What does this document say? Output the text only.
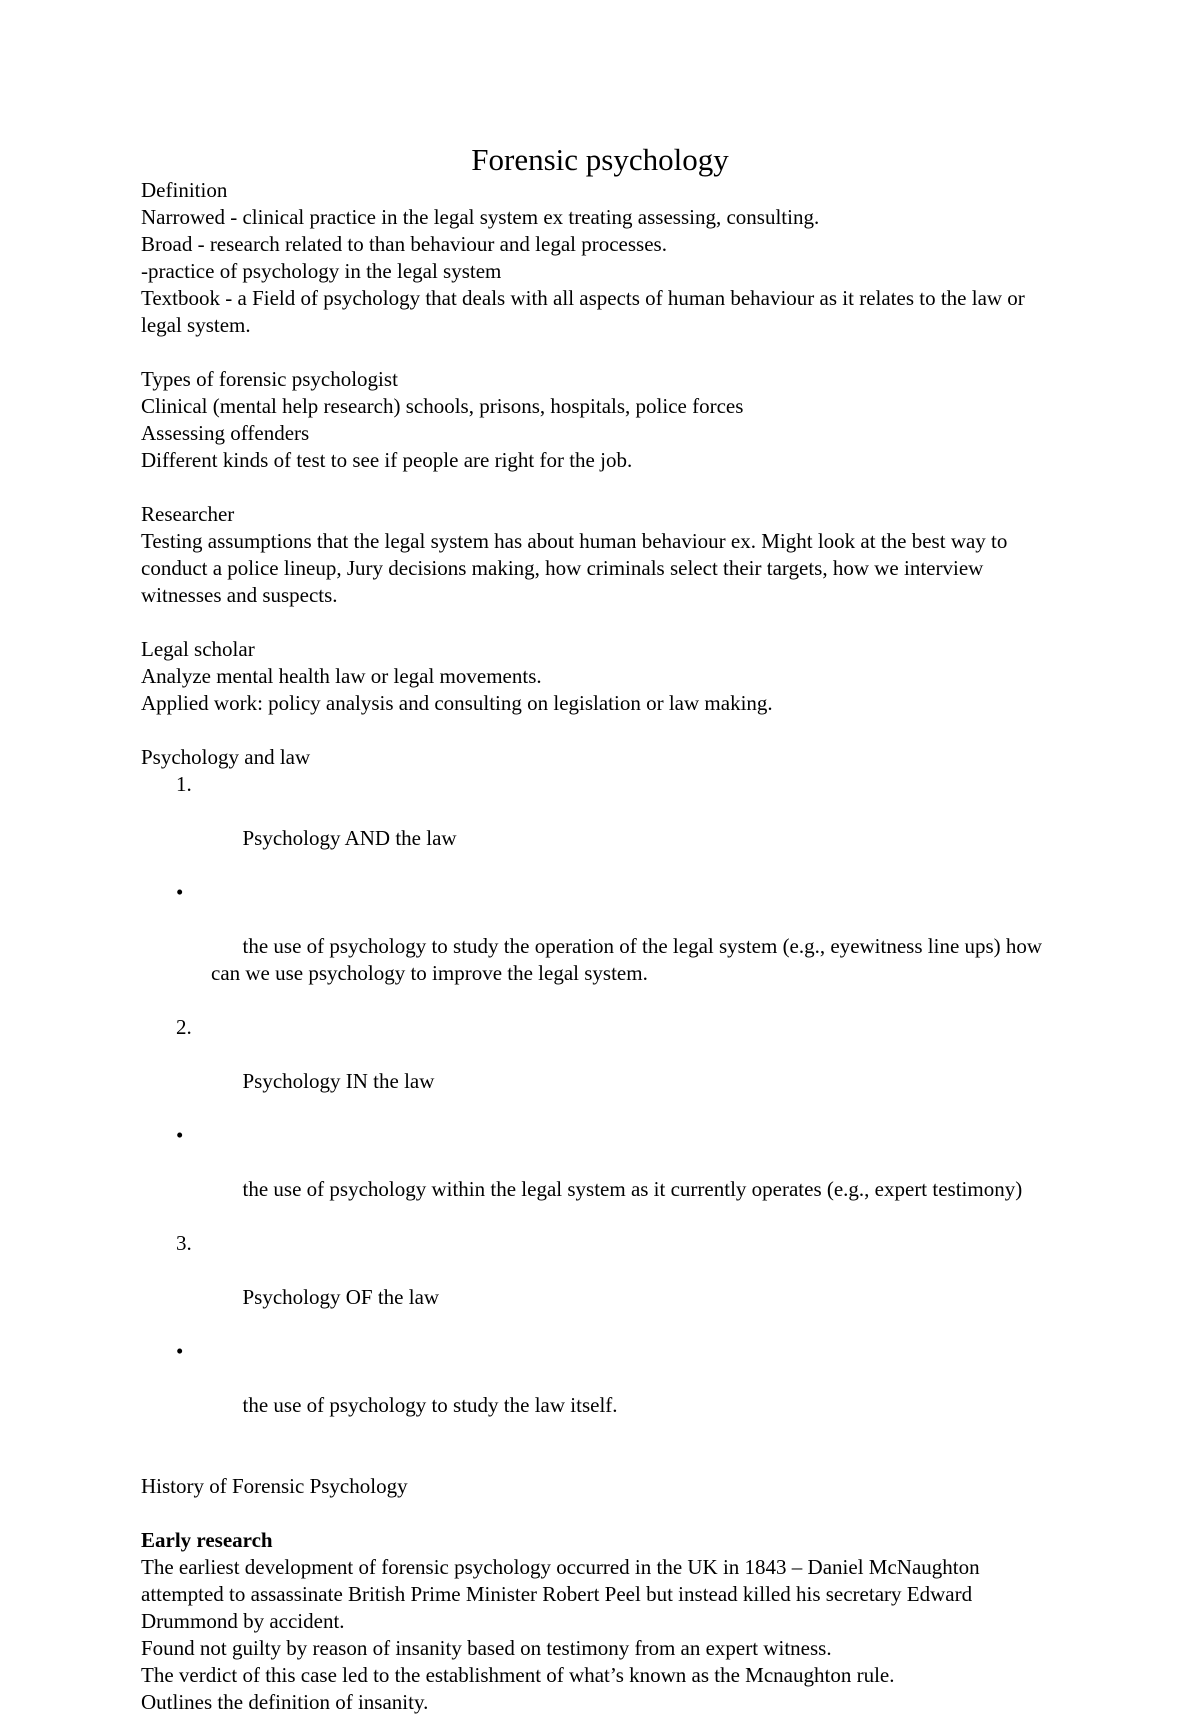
Forensic psychology
Definition
Narrowed - clinical practice in the legal system ex treating assessing, consulting.
Broad - research related to than behaviour and legal processes.
-practice of psychology in the legal system
Textbook - a Field of psychology that deals with all aspects of human behaviour as it relates to the law or legal system.
Types of forensic psychologist
Clinical (mental help research) schools, prisons, hospitals, police forces
Assessing offenders
Different kinds of test to see if people are right for the job.
Researcher
Testing assumptions that the legal system has about human behaviour ex. Might look at the best way to conduct a police lineup, Jury decisions making, how criminals select their targets, how we interview witnesses and suspects.
Legal scholar
Analyze mental health law or legal movements.
Applied work: policy analysis and consulting on legislation or law making.
Psychology and law

1.

Psychology AND the law

•

the use of psychology to study the operation of the legal system (e.g., eyewitness line ups) how can we use psychology to improve the legal system.

2.

Psychology IN the law

•

the use of psychology within the legal system as it currently operates (e.g., expert testimony)

3.

Psychology OF the law

•

the use of psychology to study the law itself.

History of Forensic Psychology
Early research
The earliest development of forensic psychology occurred in the UK in 1843 – Daniel McNaughton attempted to assassinate British Prime Minister Robert Peel but instead killed his secretary Edward Drummond by accident.
Found not guilty by reason of insanity based on testimony from an expert witness.
The verdict of this case led to the establishment of what’s known as the Mcnaughton rule.
Outlines the definition of insanity.
